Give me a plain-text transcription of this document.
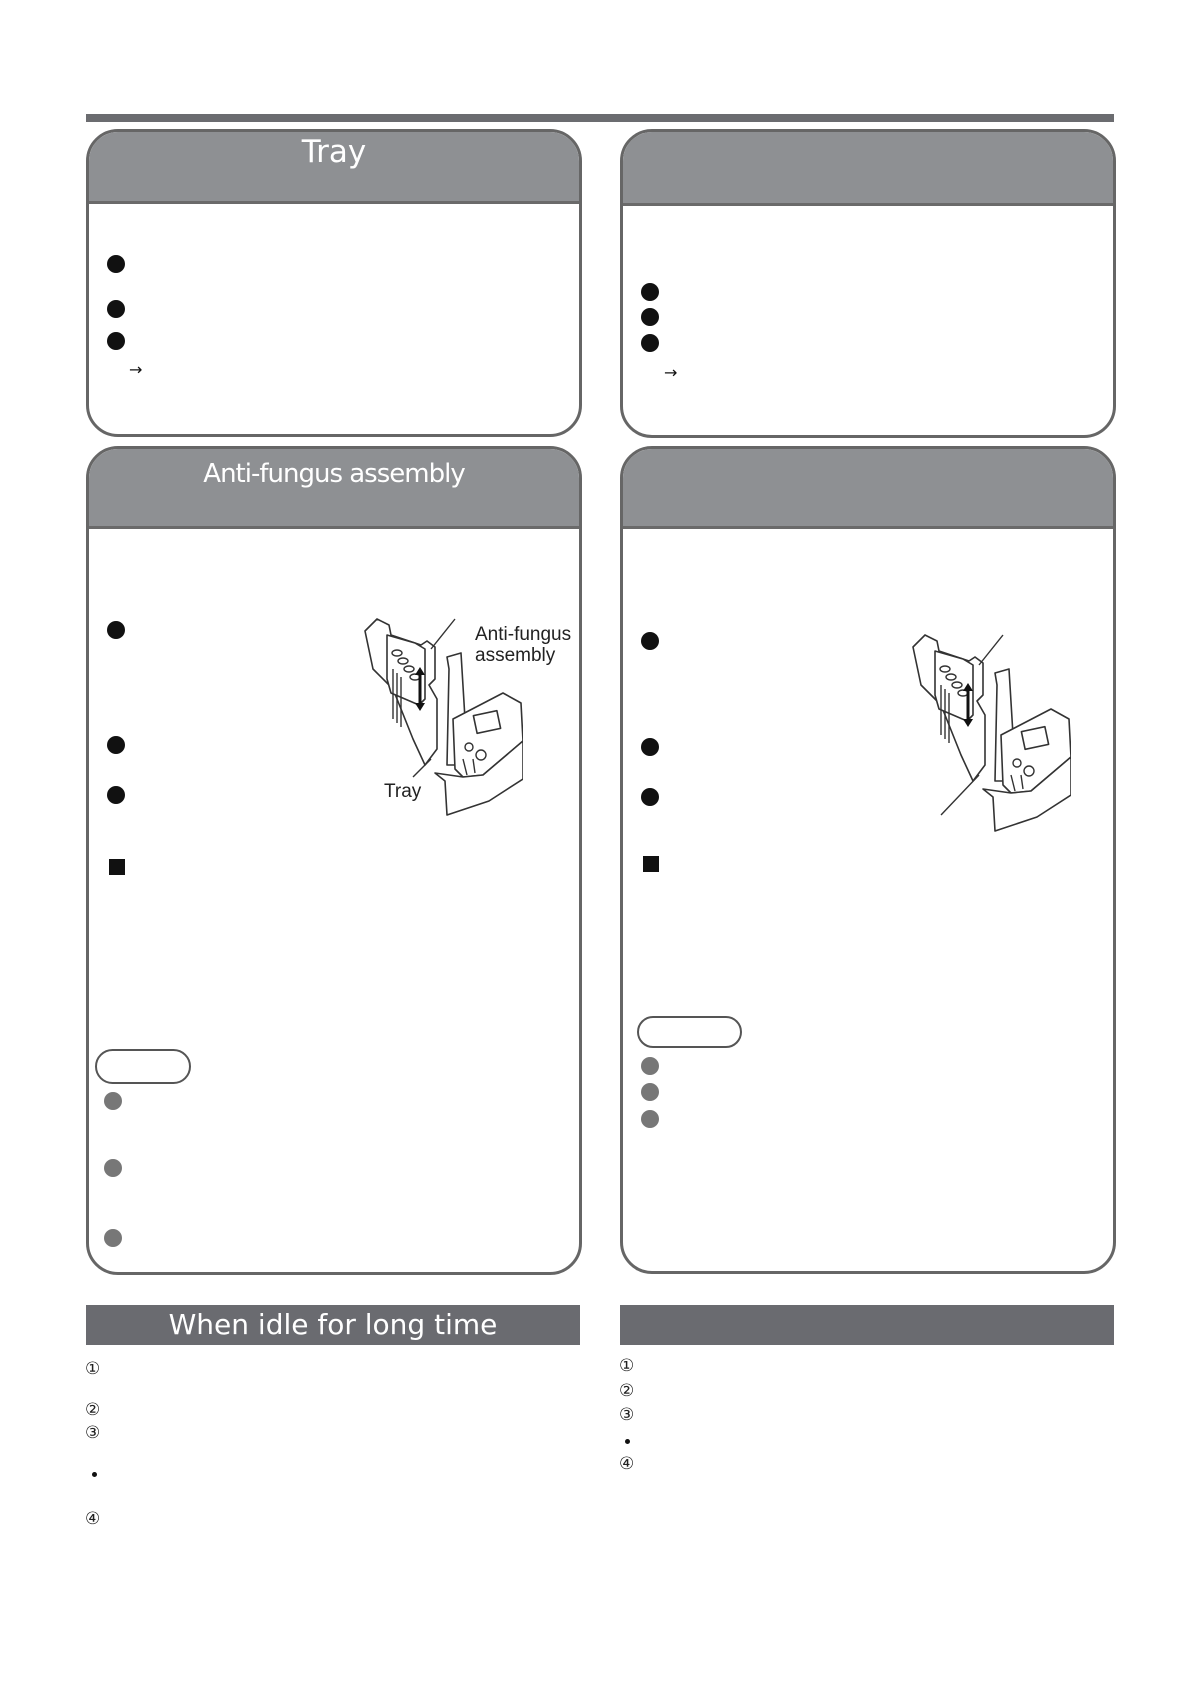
Tray
→	→
Anti-fungus assembly
Anti-fungus
assembly
Tray
When idle for long time
①
②
③
④
①
②
③
④
